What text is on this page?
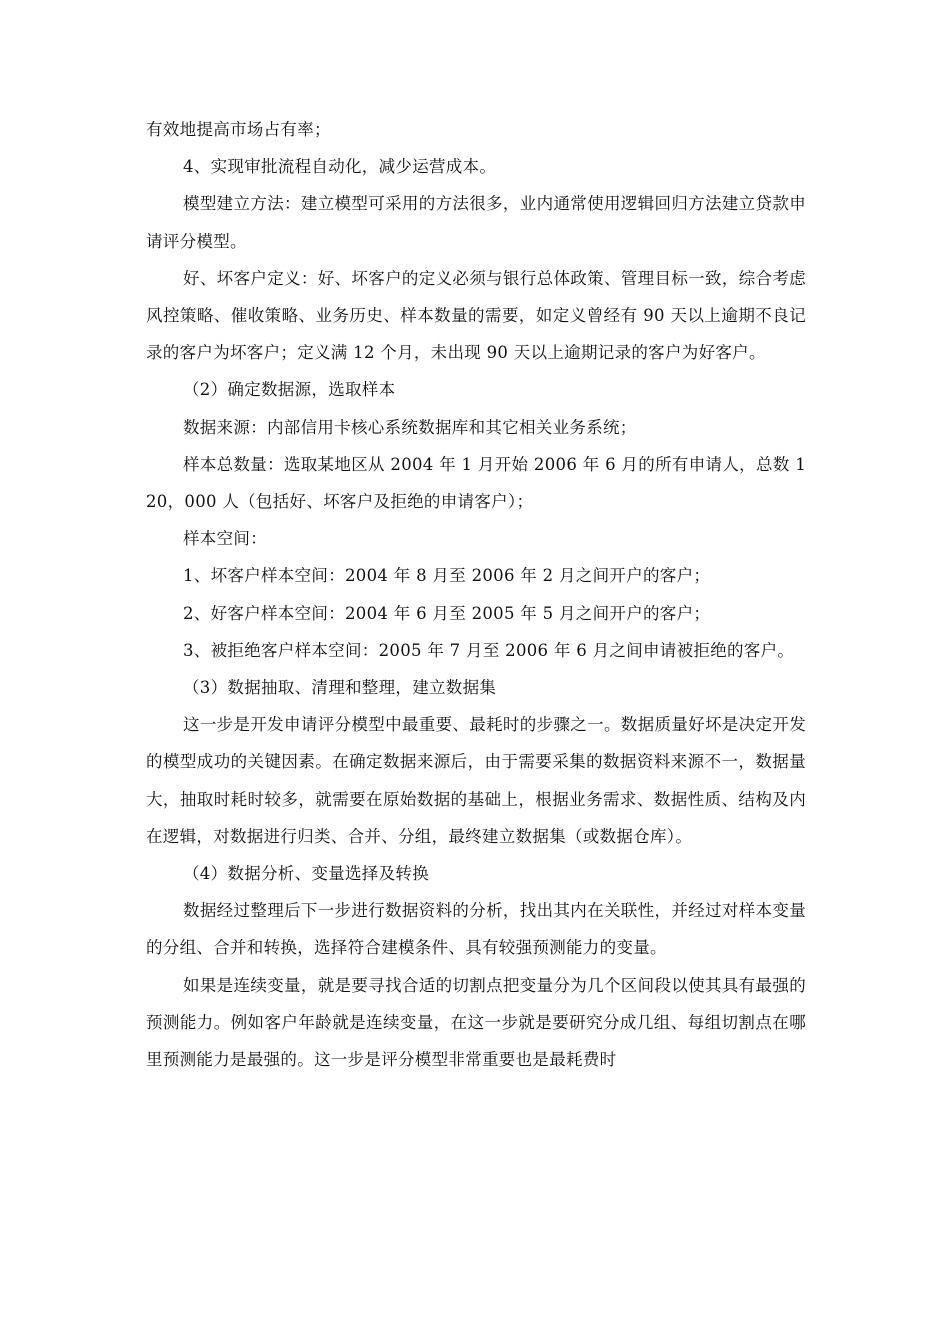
有效地提高市场占有率；

4、实现审批流程自动化，减少运营成本。

模型建立方法：建立模型可采用的方法很多，业内通常使用逻辑回归方法建立贷款申请评分模型。

好、坏客户定义：好、坏客户的定义必须与银行总体政策、管理目标一致，综合考虑风控策略、催收策略、业务历史、样本数量的需要，如定义曾经有 90 天以上逾期不良记录的客户为坏客户；定义满 12 个月，未出现 90 天以上逾期记录的客户为好客户。

（2）确定数据源，选取样本

数据来源：内部信用卡核心系统数据库和其它相关业务系统；

样本总数量：选取某地区从 2004 年 1 月开始 2006 年 6 月的所有申请人，总数 120，000 人（包括好、坏客户及拒绝的申请客户）；

样本空间：

1、坏客户样本空间：2004 年 8 月至 2006 年 2 月之间开户的客户；

2、好客户样本空间：2004 年 6 月至 2005 年 5 月之间开户的客户；

3、被拒绝客户样本空间：2005 年 7 月至 2006 年 6 月之间申请被拒绝的客户。

（3）数据抽取、清理和整理，建立数据集

这一步是开发申请评分模型中最重要、最耗时的步骤之一。数据质量好坏是决定开发的模型成功的关键因素。在确定数据来源后，由于需要采集的数据资料来源不一，数据量大，抽取时耗时较多，就需要在原始数据的基础上，根据业务需求、数据性质、结构及内在逻辑，对数据进行归类、合并、分组，最终建立数据集（或数据仓库）。

（4）数据分析、变量选择及转换

数据经过整理后下一步进行数据资料的分析，找出其内在关联性，并经过对样本变量的分组、合并和转换，选择符合建模条件、具有较强预测能力的变量。

如果是连续变量，就是要寻找合适的切割点把变量分为几个区间段以使其具有最强的预测能力。例如客户年龄就是连续变量，在这一步就是要研究分成几组、每组切割点在哪里预测能力是最强的。这一步是评分模型非常重要也是最耗费时
